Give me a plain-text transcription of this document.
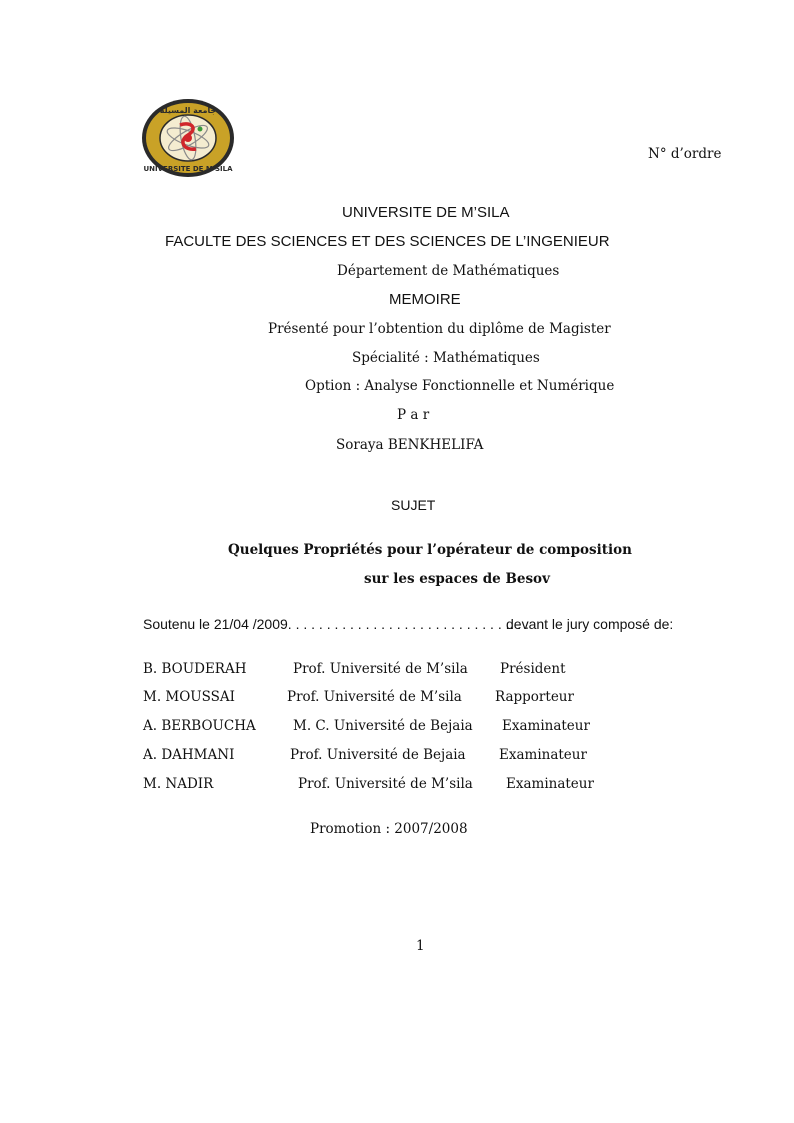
جامعة المسيلة
UNIVERSITE DE M'SILA
N° d’ordre
UNIVERSITE DE M’SILA
FACULTE DES SCIENCES ET DES SCIENCES DE L’INGENIEUR
Département de Mathématiques
MEMOIRE
Présenté pour l’obtention du diplôme de Magister
Spécialité : Mathématiques
Option : Analyse Fonctionnelle et Numérique
P a r
Soraya BENKHELIFA
SUJET
Quelques Propriétés pour l’opérateur de composition
sur les espaces de Besov
Soutenu le 21/04 /2009. . . . . . . . . . . . . . . . . . . . . . . . . . . . .. . .
devant le jury composé de:
B. BOUDERAH	Prof. Université de M’sila Président
M. MOUSSAI	Prof. Université de M’sila Rapporteur
A. BERBOUCHA	M. C. Université de Bejaia Examinateur
A. DAHMANI	Prof. Université de Bejaia Examinateur
M. NADIR	Prof. Université de M’sila Examinateur
Promotion : 2007/2008
1
